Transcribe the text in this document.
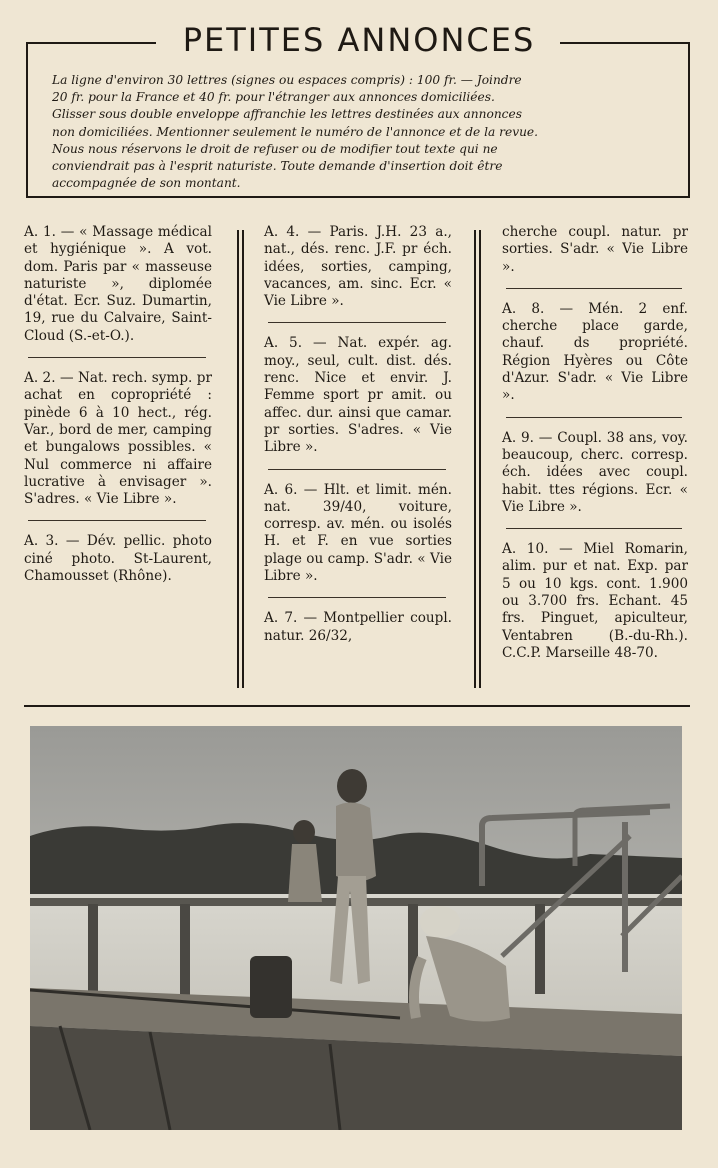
PETITES ANNONCES

La ligne d'environ 30 lettres (signes ou espaces compris) : 100 fr. — Joindre

20 fr. pour la France et 40 fr. pour l'étranger aux annonces domiciliées.

Glisser sous double enveloppe affranchie les lettres destinées aux annonces

non domiciliées. Mentionner seulement le numéro de l'annonce et de la revue.

Nous nous réservons le droit de refuser ou de modifier tout texte qui ne

conviendrait pas à l'esprit naturiste. Toute demande d'insertion doit être

accompagnée de son montant.

A. 1. — « Massage médical et hygiénique ». A vot. dom. Paris par « masseuse naturiste », diplomée d'état. Ecr. Suz. Dumartin, 19, rue du Calvaire, Saint-Cloud (S.-et-O.).

A. 2. — Nat. rech. symp. pr achat en copropriété : pinède 6 à 10 hect., rég. Var., bord de mer, camping et bungalows possibles. « Nul commerce ni affaire lucrative à envisager ». S'adres. « Vie Libre ».

A. 3. — Dév. pellic. photo ciné photo. St-Laurent, Chamousset (Rhône).

A. 4. — Paris. J.H. 23 a., nat., dés. renc. J.F. pr éch. idées, sorties, camping, vacances, am. sinc. Ecr. « Vie Libre ».

A. 5. — Nat. expér. ag. moy., seul, cult. dist. dés. renc. Nice et envir. J. Femme sport pr amit. ou affec. dur. ainsi que camar. pr sorties. S'adres. « Vie Libre ».

A. 6. — Hlt. et limit. mén. nat. 39/40, voiture, corresp. av. mén. ou isolés H. et F. en vue sorties plage ou camp. S'adr. « Vie Libre ».

A. 7. — Montpellier coupl. natur. 26/32,

cherche coupl. natur. pr sorties. S'adr. « Vie Libre ».

A. 8. — Mén. 2 enf. cherche place garde, chauf. ds propriété. Région Hyères ou Côte d'Azur. S'adr. « Vie Libre ».

A. 9. — Coupl. 38 ans, voy. beaucoup, cherc. corresp. éch. idées avec coupl. habit. ttes régions. Ecr. « Vie Libre ».

A. 10. — Miel Romarin, alim. pur et nat. Exp. par 5 ou 10 kgs. cont. 1.900 ou 3.700 frs. Echant. 45 frs. Pinguet, apiculteur, Ventabren (B.-du-Rh.). C.C.P. Marseille 48-70.
